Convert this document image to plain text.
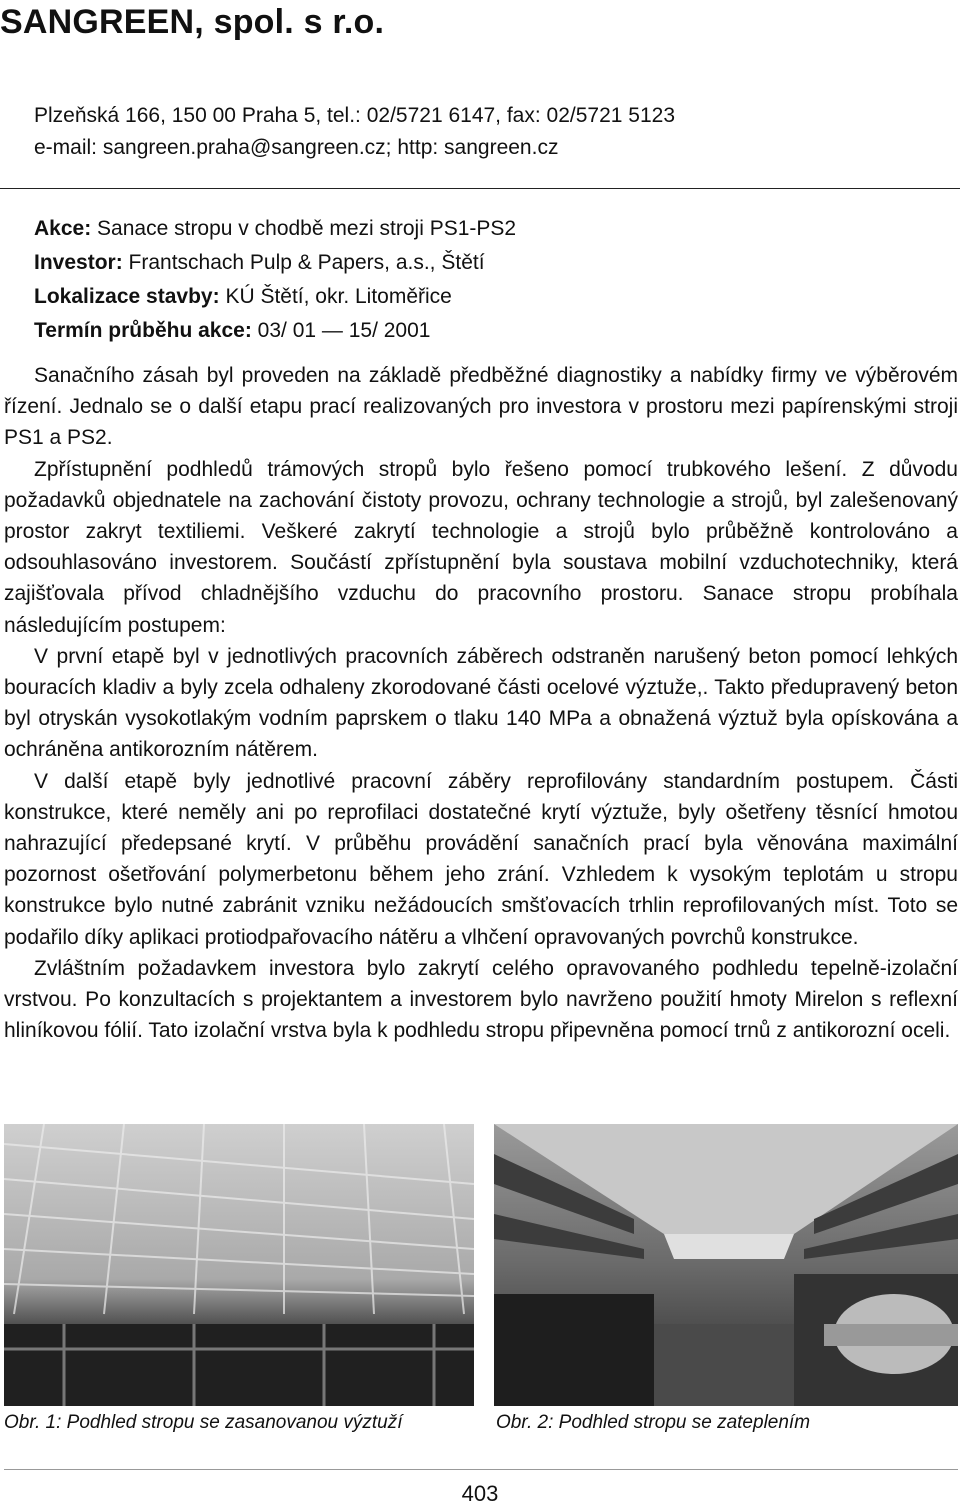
SANGREEN, spol. s r.o.
Plzeňská 166, 150 00 Praha 5, tel.: 02/5721 6147, fax: 02/5721 5123
e-mail: sangreen.praha@sangreen.cz; http: sangreen.cz
Akce: Sanace stropu v chodbě mezi stroji PS1-PS2
Investor: Frantschach Pulp & Papers, a.s., Štětí
Lokalizace stavby: KÚ Štětí, okr. Litoměřice
Termín průběhu akce: 03/ 01 — 15/ 2001

Sanačního zásah byl proveden na základě předběžné diagnostiky a nabídky firmy ve výběrovém řízení. Jednalo se o další etapu prací realizovaných pro investora v prostoru mezi papírenskými stroji PS1 a PS2.

Zpřístupnění podhledů trámových stropů bylo řešeno pomocí trubkového lešení. Z důvodu požadavků objednatele na zachování čistoty provozu, ochrany technologie a strojů, byl zalešenovaný prostor zakryt textiliemi. Veškeré zakrytí technologie a strojů bylo průběžně kontrolováno a odsouhlasováno investorem. Součástí zpřístupnění byla soustava mobilní vzduchotechniky, která zajišťovala přívod chladnějšího vzduchu do pracovního prostoru. Sanace stropu probíhala následujícím postupem:

V první etapě byl v jednotlivých pracovních záběrech odstraněn narušený beton pomocí lehkých bouracích kladiv a byly zcela odhaleny zkorodované části ocelové výztuže,. Takto předupravený beton byl otryskán vysokotlakým vodním paprskem o tlaku 140 MPa a obnažená výztuž byla opískována a ochráněna antikorozním nátěrem.

V další etapě byly jednotlivé pracovní záběry reprofilovány standardním postupem. Části konstrukce, které neměly ani po reprofilaci dostatečné krytí výztuže, byly ošetřeny těsnící hmotou nahrazující předepsané krytí. V průběhu provádění sanačních prací byla věnována maximální pozornost ošetřování polymerbetonu během jeho zrání. Vzhledem k vysokým teplotám u stropu konstrukce bylo nutné zabránit vzniku nežádoucích smšťovacích trhlin reprofilovaných míst. Toto se podařilo díky aplikaci protiodpařovacího nátěru a vlhčení opravovaných povrchů konstrukce.

Zvláštním požadavkem investora bylo zakrytí celého opravovaného podhledu tepelně-izolační vrstvou. Po konzultacích s projektantem a investorem bylo navrženo použití hmoty Mirelon s reflexní hliníkovou fólií. Tato izolační vrstva byla k podhledu stropu připevněna pomocí trnů z antikorozní oceli.

Obr. 1: Podhled stropu se zasanovanou výztuží	Obr. 2: Podhled stropu se zateplením
403
